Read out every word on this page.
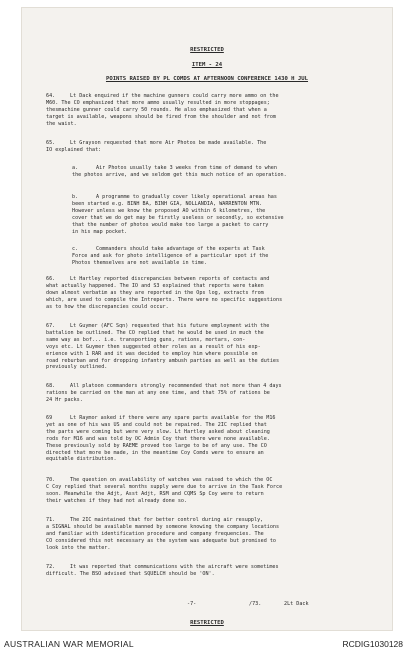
RESTRICTED
ITEM - 24
POINTS RAISED BY PL COMDS AT AFTERNOON CONFERENCE 1430 H JUL
64.	Lt Dack enquired if the machine gunners could carry more ammo on the
M60. The CO emphasized that more ammo usually resulted in more stoppages;
thesmachine gunner could carry 50 rounds. He also emphasized that when a
target is available, weapons should be fired from the shoulder and not from
the waist.
65.	Lt Grayson requested that more Air Photos be made available. The
IO explained that:
a.	Air Photos usually take 3 weeks from time of demand to when
the photos arrive, and we seldom get this much notice of an operation.
b.	A programme to gradually cover likely operational areas has
been started e.g. BINH BA, BINH GIA, NOLLANDIA, WARRENTON MTN.
However unless we know the proposed AO within 6 kilometres, the
cover that we do get may be firstly useless or secondly, so extensive
that the number of photos would make too large a packet to carry
in his map pocket.
c.	Commanders should take advantage of the experts at Task
Force and ask for photo intelligence of a particular spot if the
Photos themselves are not available in time.
66.	Lt Hartley reported discrepancies between reports of contacts and
what actually happened. The IO and S3 explained that reports were taken
down almost verbatim as they are reported in the Ops log, extracts from
which, are used to compile the Intreperts. There were no specific suggestions
as to how the discrepancies could occur.
67.	Lt Guymer (AFC Sqn) requested that his future employment with the
battalion be outlined. The CO replied that he would be used in much the
same way as bof... i.e. transporting guns, rations, mortars, con-
voys etc. Lt Guymer then suggested other roles as a result of his exp-
erience with 1 RAR and it was decided to employ him where possible on
road reburban and for dropping infantry ambush parties as well as the duties
previously outlined.
68.	All platoon commanders strongly recommended that not more than 4 days
rations be carried on the man at any one time, and that 75% of rations be
24 Hr packs.
69	Lt Raymor asked if there were any spare parts available for the M16
yet as one of his was US and could not be repaired. The 2IC replied that
the parts were coming but were very slow. Lt Hartley asked about cleaning
rods for M16 and was told by OC Admin Coy that there were none available.
These previously sold by RAEME proved too large to be of any use. The CO
directed that more be made, in the meantime Coy Comds were to ensure an
equitable distribution.
70.	The question on availability of watches was raised to which the OC
C Coy replied that several months supply were due to arrive in the Task Force
soon. Meanwhile the Adjt, Asst Adjt, RSM and CQMS Sp Coy were to return
their watches if they had not already done so.
71.	The 2IC maintained that for better control during air resupply,
a SIGNAL should be available manned by someone knowing the company locations
and familiar with identification procedure and company frequencies. The
CO considered this not necessary as the system was adequate but promised to
look into the matter.
72.	It was reported that communications with the aircraft were sometimes
difficult. The BSO advised that SQUELCH should be 'ON'.
-7-	/73.	2Lt Dack
RESTRICTED
AUSTRALIAN WAR MEMORIAL	RCDIG1030128
